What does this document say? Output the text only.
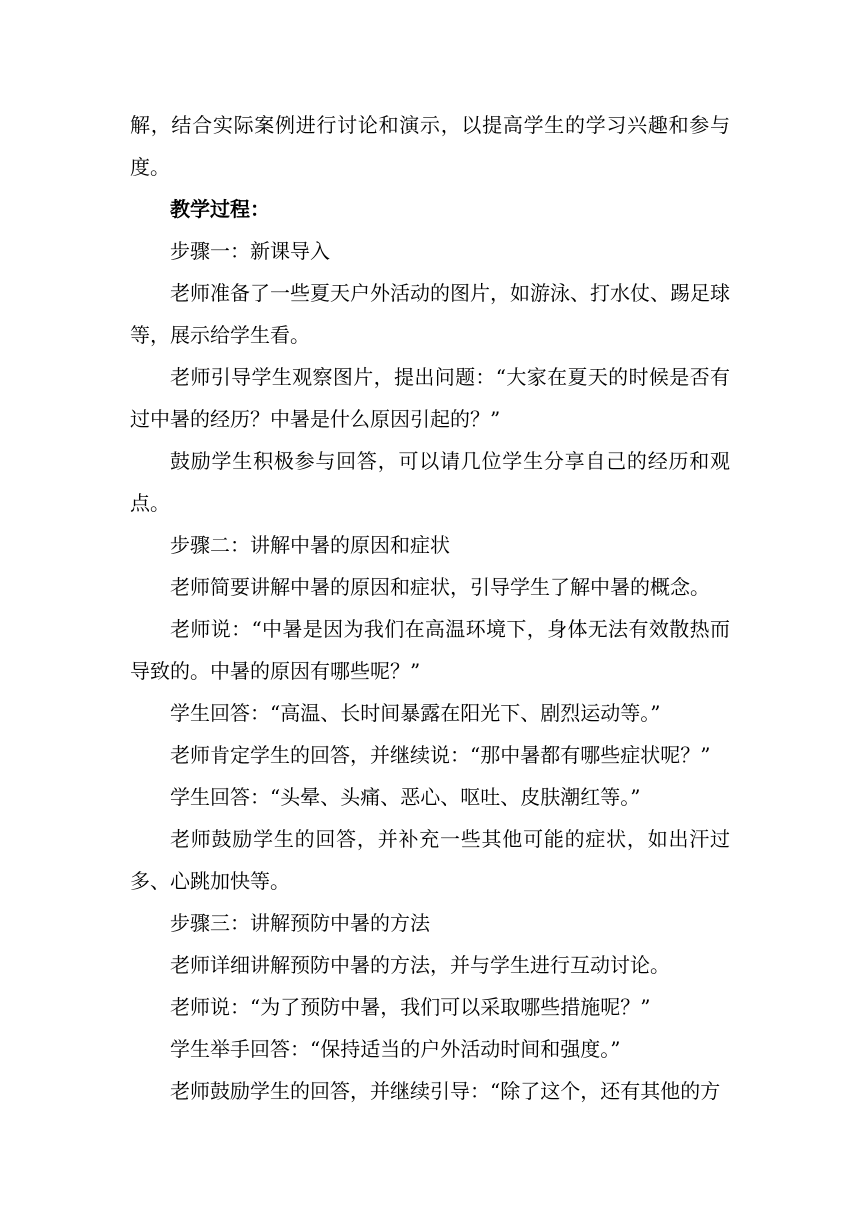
解，结合实际案例进行讨论和演示，以提高学生的学习兴趣和参与度。

教学过程：

步骤一：新课导入

老师准备了一些夏天户外活动的图片，如游泳、打水仗、踢足球等，展示给学生看。

老师引导学生观察图片，提出问题：“大家在夏天的时候是否有过中暑的经历？中暑是什么原因引起的？”

鼓励学生积极参与回答，可以请几位学生分享自己的经历和观点。

步骤二：讲解中暑的原因和症状

老师简要讲解中暑的原因和症状，引导学生了解中暑的概念。

老师说：“中暑是因为我们在高温环境下，身体无法有效散热而导致的。中暑的原因有哪些呢？”

学生回答：“高温、长时间暴露在阳光下、剧烈运动等。”

老师肯定学生的回答，并继续说：“那中暑都有哪些症状呢？”

学生回答：“头晕、头痛、恶心、呕吐、皮肤潮红等。”

老师鼓励学生的回答，并补充一些其他可能的症状，如出汗过多、心跳加快等。

步骤三：讲解预防中暑的方法

老师详细讲解预防中暑的方法，并与学生进行互动讨论。

老师说：“为了预防中暑，我们可以采取哪些措施呢？”

学生举手回答：“保持适当的户外活动时间和强度。”

老师鼓励学生的回答，并继续引导：“除了这个，还有其他的方
